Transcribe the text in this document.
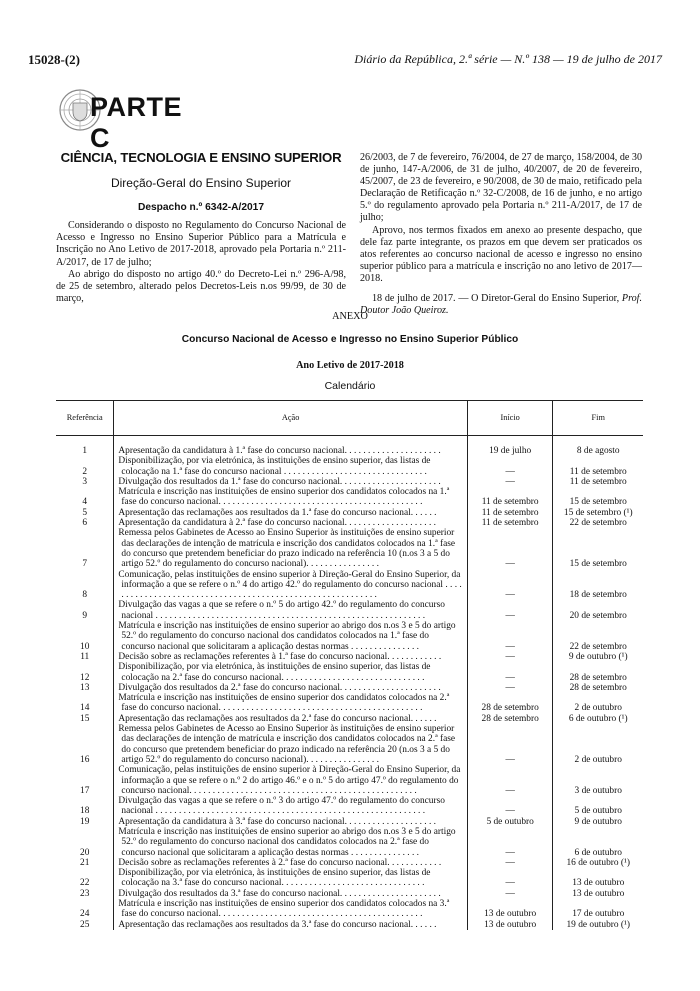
15028-(2)	Diário da República, 2.ª série — N.º 138 — 19 de julho de 2017
PARTE C
CIÊNCIA, TECNOLOGIA E ENSINO SUPERIOR
Direção-Geral do Ensino Superior
Despacho n.º 6342-A/2017

Considerando o disposto no Regulamento do Concurso Nacional de Acesso e Ingresso no Ensino Superior Público para a Matrícula e Inscrição no Ano Letivo de 2017-2018, aprovado pela Portaria n.º 211-A/2017, de 17 de julho;

Ao abrigo do disposto no artigo 40.º do Decreto-Lei n.º 296-A/98, de 25 de setembro, alterado pelos Decretos-Leis n.os 99/99, de 30 de março,

26/2003, de 7 de fevereiro, 76/2004, de 27 de março, 158/2004, de 30 de junho, 147-A/2006, de 31 de julho, 40/2007, de 20 de fevereiro, 45/2007, de 23 de fevereiro, e 90/2008, de 30 de maio, retificado pela Declaração de Retificação n.º 32-C/2008, de 16 de junho, e no artigo 5.º do regulamento aprovado pela Portaria n.º 211-A/2017, de 17 de julho;

Aprovo, nos termos fixados em anexo ao presente despacho, que dele faz parte integrante, os prazos em que devem ser praticados os atos referentes ao concurso nacional de acesso e ingresso no ensino superior público para a matrícula e inscrição no ano letivo de 2017—2018.

18 de julho de 2017. — O Diretor-Geral do Ensino Superior, Prof. Doutor João Queiroz.

ANEXO
Concurso Nacional de Acesso e Ingresso no Ensino Superior Público
Ano Letivo de 2017-2018
Calendário
Referência	Ação	Início	Fim
1	Apresentação da candidatura à 1.ª fase do concurso nacional. . . . . . . . . . . . . . . . . . . . .	19 de julho	8 de agosto
2	Disponibilização, por via eletrónica, às instituições de ensino superior, das listas de colocação na 1.ª fase do concurso nacional . . . . . . . . . . . . . . . . . . . . . . . . . . . . . . .	—	11 de setembro
3	Divulgação dos resultados da 1.ª fase do concurso nacional. . . . . . . . . . . . . . . . . . . . . .	—	11 de setembro
4	Matrícula e inscrição nas instituições de ensino superior dos candidatos colocados na 1.ª fase do concurso nacional. . . . . . . . . . . . . . . . . . . . . . . . . . . . . . . . . . . . . . . . . . . .	11 de setembro	15 de setembro
5	Apresentação das reclamações aos resultados da 1.ª fase do concurso nacional. . . . . .	11 de setembro	15 de setembro (¹)
6	Apresentação da candidatura à 2.ª fase do concurso nacional. . . . . . . . . . . . . . . . . . . .	11 de setembro	22 de setembro
7	Remessa pelos Gabinetes de Acesso ao Ensino Superior às instituições de ensino superior das declarações de intenção de matrícula e inscrição dos candidatos colocados na 1.ª fase do concurso que pretendem beneficiar do prazo indicado na referência 10 (n.os 3 a 5 do artigo 52.º do regulamento do concurso nacional). . . . . . . . . . . . . . . .	—	15 de setembro
8	Comunicação, pelas instituições de ensino superior à Direção-Geral do Ensino Superior, da informação a que se refere o n.º 4 do artigo 42.º do regulamento do concurso nacional . . . . . . . . . . . . . . . . . . . . . . . . . . . . . . . . . . . . . . . . . . . . . . . . . . . . . . . . . . .	—	18 de setembro
9	Divulgação das vagas a que se refere o n.º 5 do artigo 42.º do regulamento do concurso nacional . . . . . . . . . . . . . . . . . . . . . . . . . . . . . . . . . . . . . . . . . . . . . . . . . . . . . . . . . .	—	20 de setembro
10	Matrícula e inscrição nas instituições de ensino superior ao abrigo dos n.os 3 e 5 do artigo 52.º do regulamento do concurso nacional dos candidatos colocados na 1.ª fase do concurso nacional que solicitaram a aplicação destas normas . . . . . . . . . . . . . . .	—	22 de setembro
11	Decisão sobre as reclamações referentes à 1.ª fase do concurso nacional. . . . . . . . . . . .	—	9 de outubro (¹)
12	Disponibilização, por via eletrónica, às instituições de ensino superior, das listas de colocação na 2.ª fase do concurso nacional. . . . . . . . . . . . . . . . . . . . . . . . . . . . . . .	—	28 de setembro
13	Divulgação dos resultados da 2.ª fase do concurso nacional. . . . . . . . . . . . . . . . . . . . . .	—	28 de setembro
14	Matrícula e inscrição nas instituições de ensino superior dos candidatos colocados na 2.ª fase do concurso nacional. . . . . . . . . . . . . . . . . . . . . . . . . . . . . . . . . . . . . . . . . . . .	28 de setembro	2 de outubro
15	Apresentação das reclamações aos resultados da 2.ª fase do concurso nacional. . . . . .	28 de setembro	6 de outubro (¹)
16	Remessa pelos Gabinetes de Acesso ao Ensino Superior às instituições de ensino superior das declarações de intenção de matrícula e inscrição dos candidatos colocados na 2.ª fase do concurso que pretendem beneficiar do prazo indicado na referência 20 (n.os 3 a 5 do artigo 52.º do regulamento do concurso nacional). . . . . . . . . . . . . . . .	—	2 de outubro
17	Comunicação, pelas instituições de ensino superior à Direção-Geral do Ensino Superior, da informação a que se refere o n.º 2 do artigo 46.º e o n.º 5 do artigo 47.º do regulamento do concurso nacional. . . . . . . . . . . . . . . . . . . . . . . . . . . . . . . . . . . . . . . . . . . . . . . . .	—	3 de outubro
18	Divulgação das vagas a que se refere o n.º 3 do artigo 47.º do regulamento do concurso nacional . . . . . . . . . . . . . . . . . . . . . . . . . . . . . . . . . . . . . . . . . . . . . . . . . . . . . . . . . .	—	5 de outubro
19	Apresentação da candidatura à 3.ª fase do concurso nacional. . . . . . . . . . . . . . . . . . . .	5 de outubro	9 de outubro
20	Matrícula e inscrição nas instituições de ensino superior ao abrigo dos n.os 3 e 5 do artigo 52.º do regulamento do concurso nacional dos candidatos colocados na 2.ª fase do concurso nacional que solicitaram a aplicação destas normas . . . . . . . . . . . . . . .	—	6 de outubro
21	Decisão sobre as reclamações referentes à 2.ª fase do concurso nacional. . . . . . . . . . . .	—	16 de outubro (¹)
22	Disponibilização, por via eletrónica, às instituições de ensino superior, das listas de colocação na 3.ª fase do concurso nacional. . . . . . . . . . . . . . . . . . . . . . . . . . . . . . .	—	13 de outubro
23	Divulgação dos resultados da 3.ª fase do concurso nacional. . . . . . . . . . . . . . . . . . . . . .	—	13 de outubro
24	Matrícula e inscrição nas instituições de ensino superior dos candidatos colocados na 3.ª fase do concurso nacional. . . . . . . . . . . . . . . . . . . . . . . . . . . . . . . . . . . . . . . . . . . .	13 de outubro	17 de outubro
25	Apresentação das reclamações aos resultados da 3.ª fase do concurso nacional. . . . . .	13 de outubro	19 de outubro (¹)
